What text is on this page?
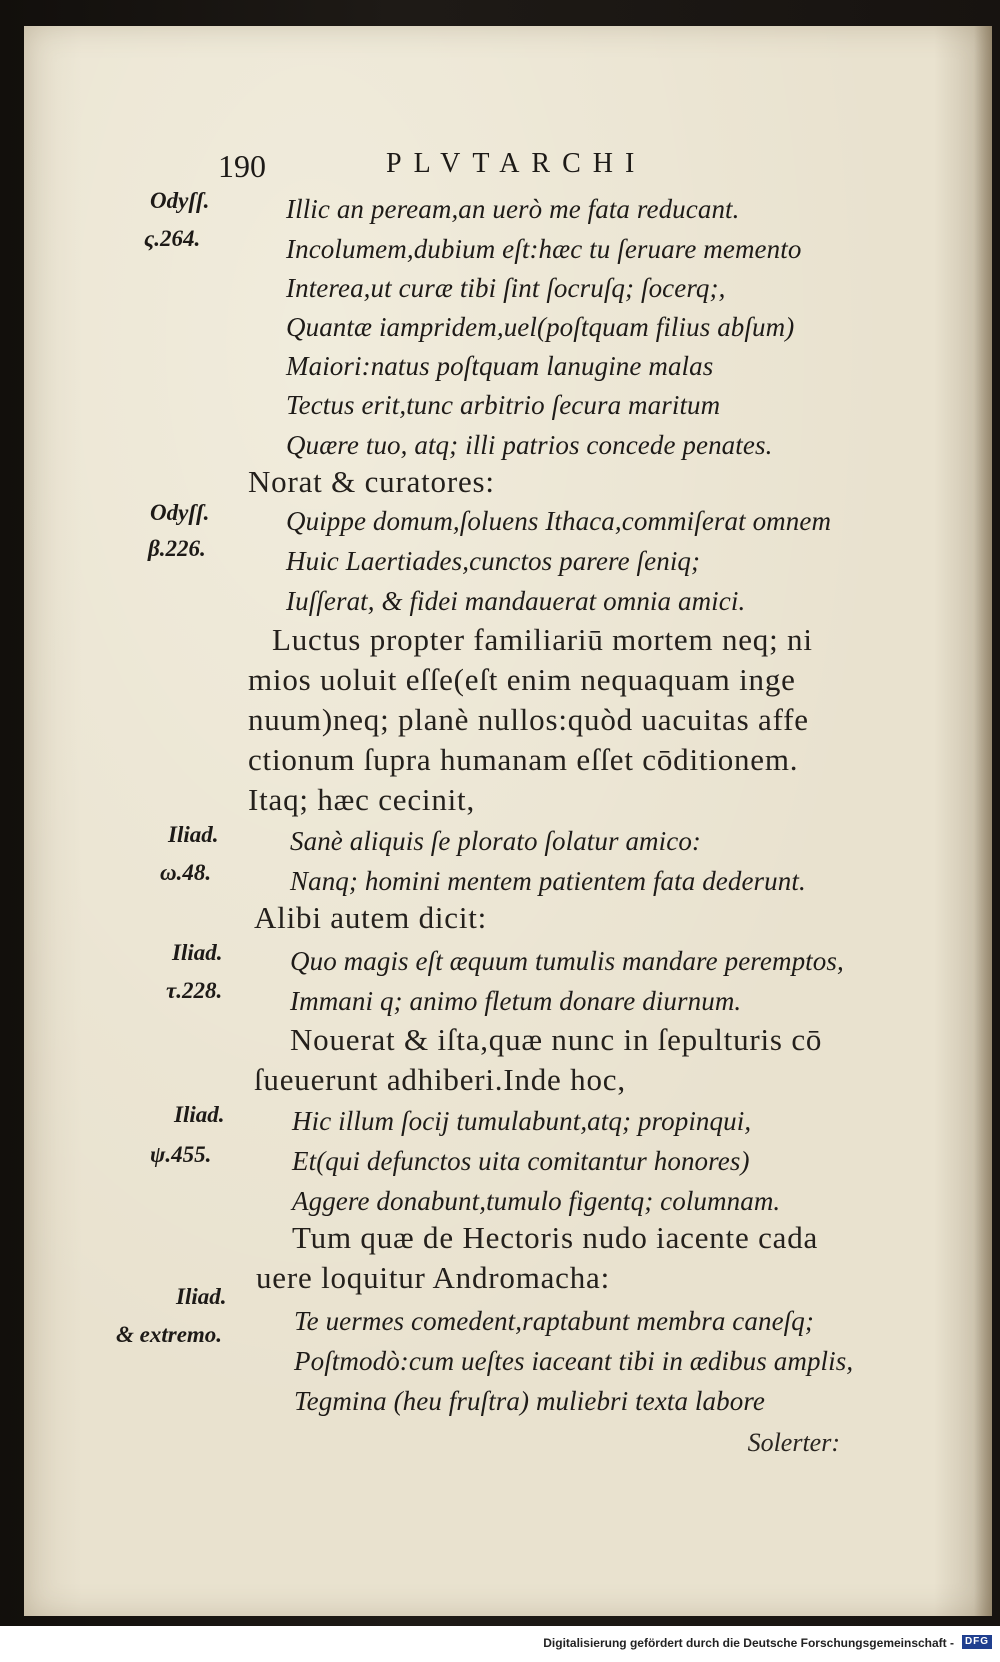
190	PLVTARCHI
Odyſſ.
ς.264.
Odyſſ.
β.226.
Iliad.
ω.48.
Iliad.
τ.228.
Iliad.
ψ.455.
Iliad.
& extremo.
Illic an peream,an uerò me fata reducant.
Incolumem,dubium eſt:hæc tu ſeruare memento
Interea,ut curæ tibi ſint ſocruſq; ſocerq;,
Quantæ iampridem,uel(poſtquam filius abſum)
Maiori:natus poſtquam lanugine malas
Tectus erit,tunc arbitrio ſecura maritum
Quære tuo, atq; illi patrios concede penates.
Norat & curatores:
Quippe domum,ſoluens Ithaca,commiſerat omnem
Huic Laertiades,cunctos parere ſeniq;
Iuſſerat, & fidei mandauerat omnia amici.
Luctus propter familiariū mortem neq; ni
mios uoluit eſſe(eſt enim nequaquam inge
nuum)neq; planè nullos:quòd uacuitas affe
ctionum ſupra humanam eſſet cōditionem.
Itaq; hæc cecinit,
Sanè aliquis ſe plorato ſolatur amico:
Nanq; homini mentem patientem fata dederunt.
Alibi autem dicit:
Quo magis eſt æquum tumulis mandare peremptos,
Immani q; animo fletum donare diurnum.
Nouerat & iſta,quæ nunc in ſepulturis cō
ſueuerunt adhiberi.Inde hoc,
Hic illum ſocij tumulabunt,atq; propinqui,
Et(qui defunctos uita comitantur honores)
Aggere donabunt,tumulo figentq; columnam.
Tum quæ de Hectoris nudo iacente cada
uere loquitur Andromacha:
Te uermes comedent,raptabunt membra caneſq;
Poſtmodò:cum ueſtes iaceant tibi in ædibus amplis,
Tegmina (heu fruſtra) muliebri texta labore
Solerter:
Digitalisierung gefördert durch die Deutsche Forschungsgemeinschaft - DFG
